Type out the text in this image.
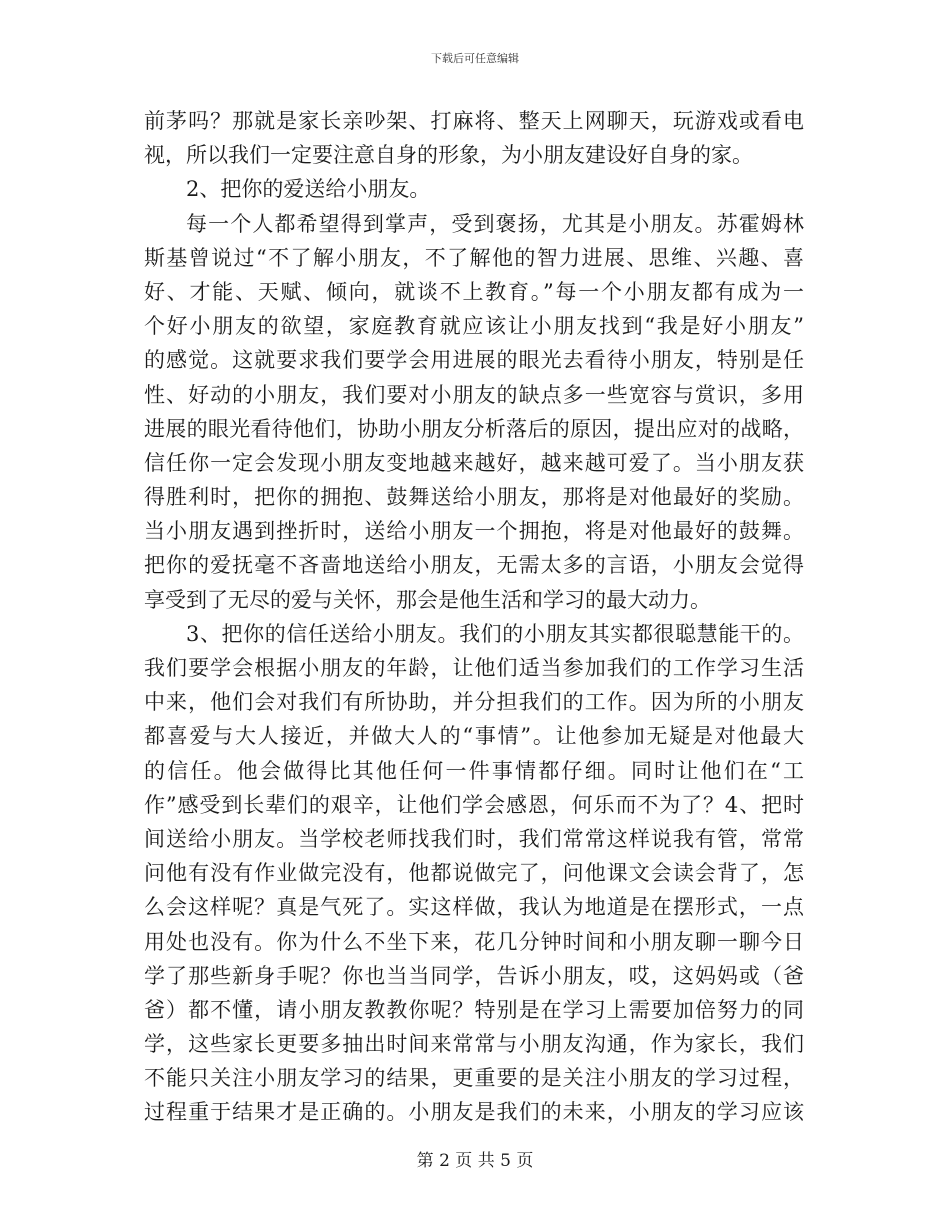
下载后可任意编辑
前茅吗？那就是家长亲吵架、打麻将、整天上网聊天，玩游戏或看电
视，所以我们一定要注意自身的形象，为小朋友建设好自身的家。
2、把你的爱送给小朋友。
每一个人都希望得到掌声，受到褒扬，尤其是小朋友。苏霍姆林
斯基曾说过“不了解小朋友，不了解他的智力进展、思维、兴趣、喜
好、才能、天赋、倾向，就谈不上教育。”每一个小朋友都有成为一
个好小朋友的欲望，家庭教育就应该让小朋友找到“我是好小朋友”
的感觉。这就要求我们要学会用进展的眼光去看待小朋友，特别是任
性、好动的小朋友，我们要对小朋友的缺点多一些宽容与赏识，多用
进展的眼光看待他们，协助小朋友分析落后的原因，提出应对的战略，
信任你一定会发现小朋友变地越来越好，越来越可爱了。当小朋友获
得胜利时，把你的拥抱、鼓舞送给小朋友，那将是对他最好的奖励。
当小朋友遇到挫折时，送给小朋友一个拥抱，将是对他最好的鼓舞。
把你的爱抚毫不吝啬地送给小朋友，无需太多的言语，小朋友会觉得
享受到了无尽的爱与关怀，那会是他生活和学习的最大动力。
3、把你的信任送给小朋友。我们的小朋友其实都很聪慧能干的。
我们要学会根据小朋友的年龄，让他们适当参加我们的工作学习生活
中来，他们会对我们有所协助，并分担我们的工作。因为所的小朋友
都喜爱与大人接近，并做大人的“事情”。让他参加无疑是对他最大
的信任。他会做得比其他任何一件事情都仔细。同时让他们在“工
作”感受到长辈们的艰辛，让他们学会感恩，何乐而不为了？4、把时
间送给小朋友。当学校老师找我们时，我们常常这样说我有管，常常
问他有没有作业做完没有，他都说做完了，问他课文会读会背了，怎
么会这样呢？真是气死了。实这样做，我认为地道是在摆形式，一点
用处也没有。你为什么不坐下来，花几分钟时间和小朋友聊一聊今日
学了那些新身手呢？你也当当同学，告诉小朋友，哎，这妈妈或（爸
爸）都不懂，请小朋友教教你呢？特别是在学习上需要加倍努力的同
学，这些家长更要多抽出时间来常常与小朋友沟通，作为家长，我们
不能只关注小朋友学习的结果，更重要的是关注小朋友的学习过程，
过程重于结果才是正确的。小朋友是我们的未来，小朋友的学习应该
第 2 页 共 5 页
